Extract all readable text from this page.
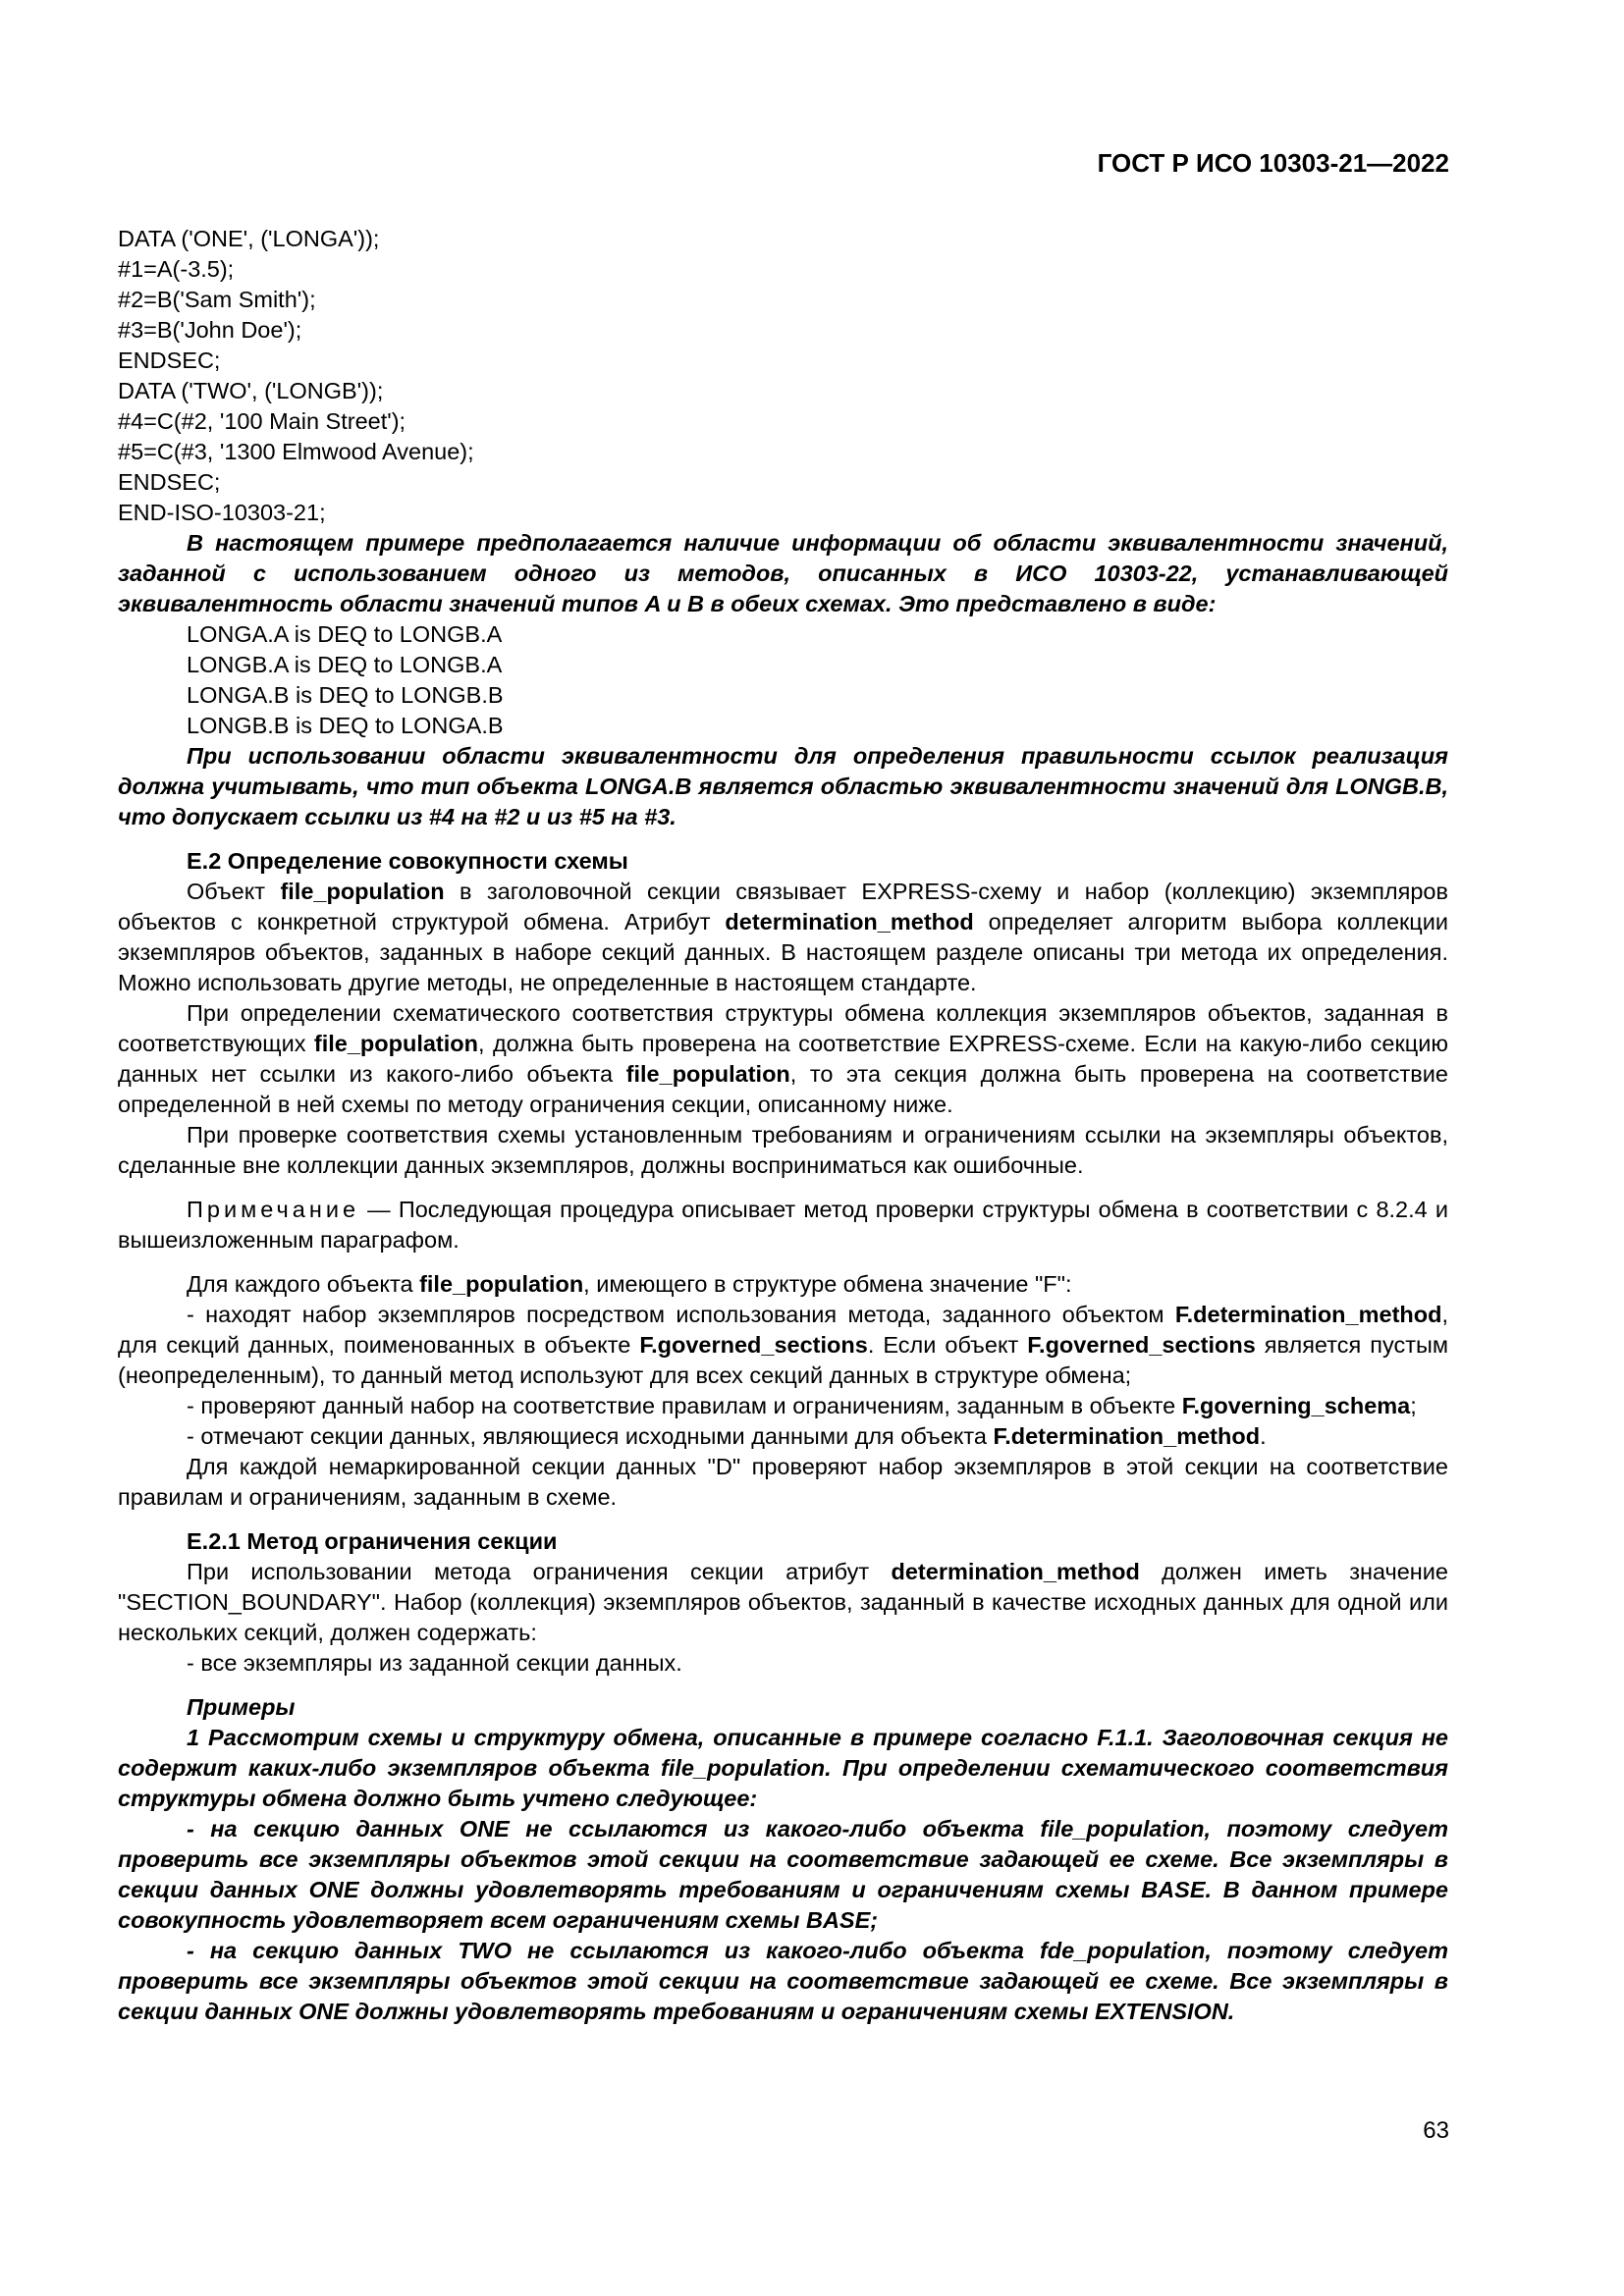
ГОСТ Р ИСО 10303-21—2022
DATA ('ONE', ('LONGA'));
#1=A(-3.5);
#2=B('Sam Smith');
#3=B('John Doe');
ENDSEC;
DATA ('TWO', ('LONGB'));
#4=C(#2, '100 Main Street');
#5=C(#3, '1300 Elmwood Avenue);
ENDSEC;
END-ISO-10303-21;

В настоящем примере предполагается наличие информации об области эквивалентности значений, заданной с использованием одного из методов, описанных в ИСО 10303-22, устанавливающей эквивалентность области значений типов A и B в обеих схемах. Это представлено в виде:

LONGA.A is DEQ to LONGB.A
LONGB.A is DEQ to LONGB.A
LONGA.B is DEQ to LONGB.B
LONGB.B is DEQ to LONGA.B

При использовании области эквивалентности для определения правильности ссылок реализация должна учитывать, что тип объекта LONGA.B является областью эквивалентности значений для LONGB.B, что допускает ссылки из #4 на #2 и из #5 на #3.

E.2 Определение совокупности схемы

Объект file_population в заголовочной секции связывает EXPRESS-схему и набор (коллекцию) экземпляров объектов с конкретной структурой обмена. Атрибут determination_method определяет алгоритм выбора коллекции экземпляров объектов, заданных в наборе секций данных. В настоящем разделе описаны три метода их определения. Можно использовать другие методы, не определенные в настоящем стандарте.

При определении схематического соответствия структуры обмена коллекция экземпляров объектов, заданная в соответствующих file_population, должна быть проверена на соответствие EXPRESS-схеме. Если на какую-либо секцию данных нет ссылки из какого-либо объекта file_population, то эта секция должна быть проверена на соответствие определенной в ней схемы по методу ограничения секции, описанному ниже.

При проверке соответствия схемы установленным требованиям и ограничениям ссылки на экземпляры объектов, сделанные вне коллекции данных экземпляров, должны восприниматься как ошибочные.

Примечание — Последующая процедура описывает метод проверки структуры обмена в соответствии с 8.2.4 и вышеизложенным параграфом.

Для каждого объекта file_population, имеющего в структуре обмена значение "F":

- находят набор экземпляров посредством использования метода, заданного объектом F.determination_method, для секций данных, поименованных в объекте F.governed_sections. Если объект F.governed_sections является пустым (неопределенным), то данный метод используют для всех секций данных в структуре обмена;

- проверяют данный набор на соответствие правилам и ограничениям, заданным в объекте F.governing_schema;

- отмечают секции данных, являющиеся исходными данными для объекта F.determination_method.

Для каждой немаркированной секции данных "D" проверяют набор экземпляров в этой секции на соответствие правилам и ограничениям, заданным в схеме.

E.2.1 Метод ограничения секции

При использовании метода ограничения секции атрибут determination_method должен иметь значение "SECTION_BOUNDARY". Набор (коллекция) экземпляров объектов, заданный в качестве исходных данных для одной или нескольких секций, должен содержать:

- все экземпляры из заданной секции данных.

Примеры

1 Рассмотрим схемы и структуру обмена, описанные в примере согласно F.1.1. Заголовочная секция не содержит каких-либо экземпляров объекта file_population. При определении схематического соответствия структуры обмена должно быть учтено следующее:

- на секцию данных ONE не ссылаются из какого-либо объекта file_population, поэтому следует проверить все экземпляры объектов этой секции на соответствие задающей ее схеме. Все экземпляры в секции данных ONE должны удовлетворять требованиям и ограничениям схемы BASE. В данном примере совокупность удовлетворяет всем ограничениям схемы BASE;

- на секцию данных TWO не ссылаются из какого-либо объекта fde_population, поэтому следует проверить все экземпляры объектов этой секции на соответствие задающей ее схеме. Все экземпляры в секции данных ONE должны удовлетворять требованиям и ограничениям схемы EXTENSION.

63
